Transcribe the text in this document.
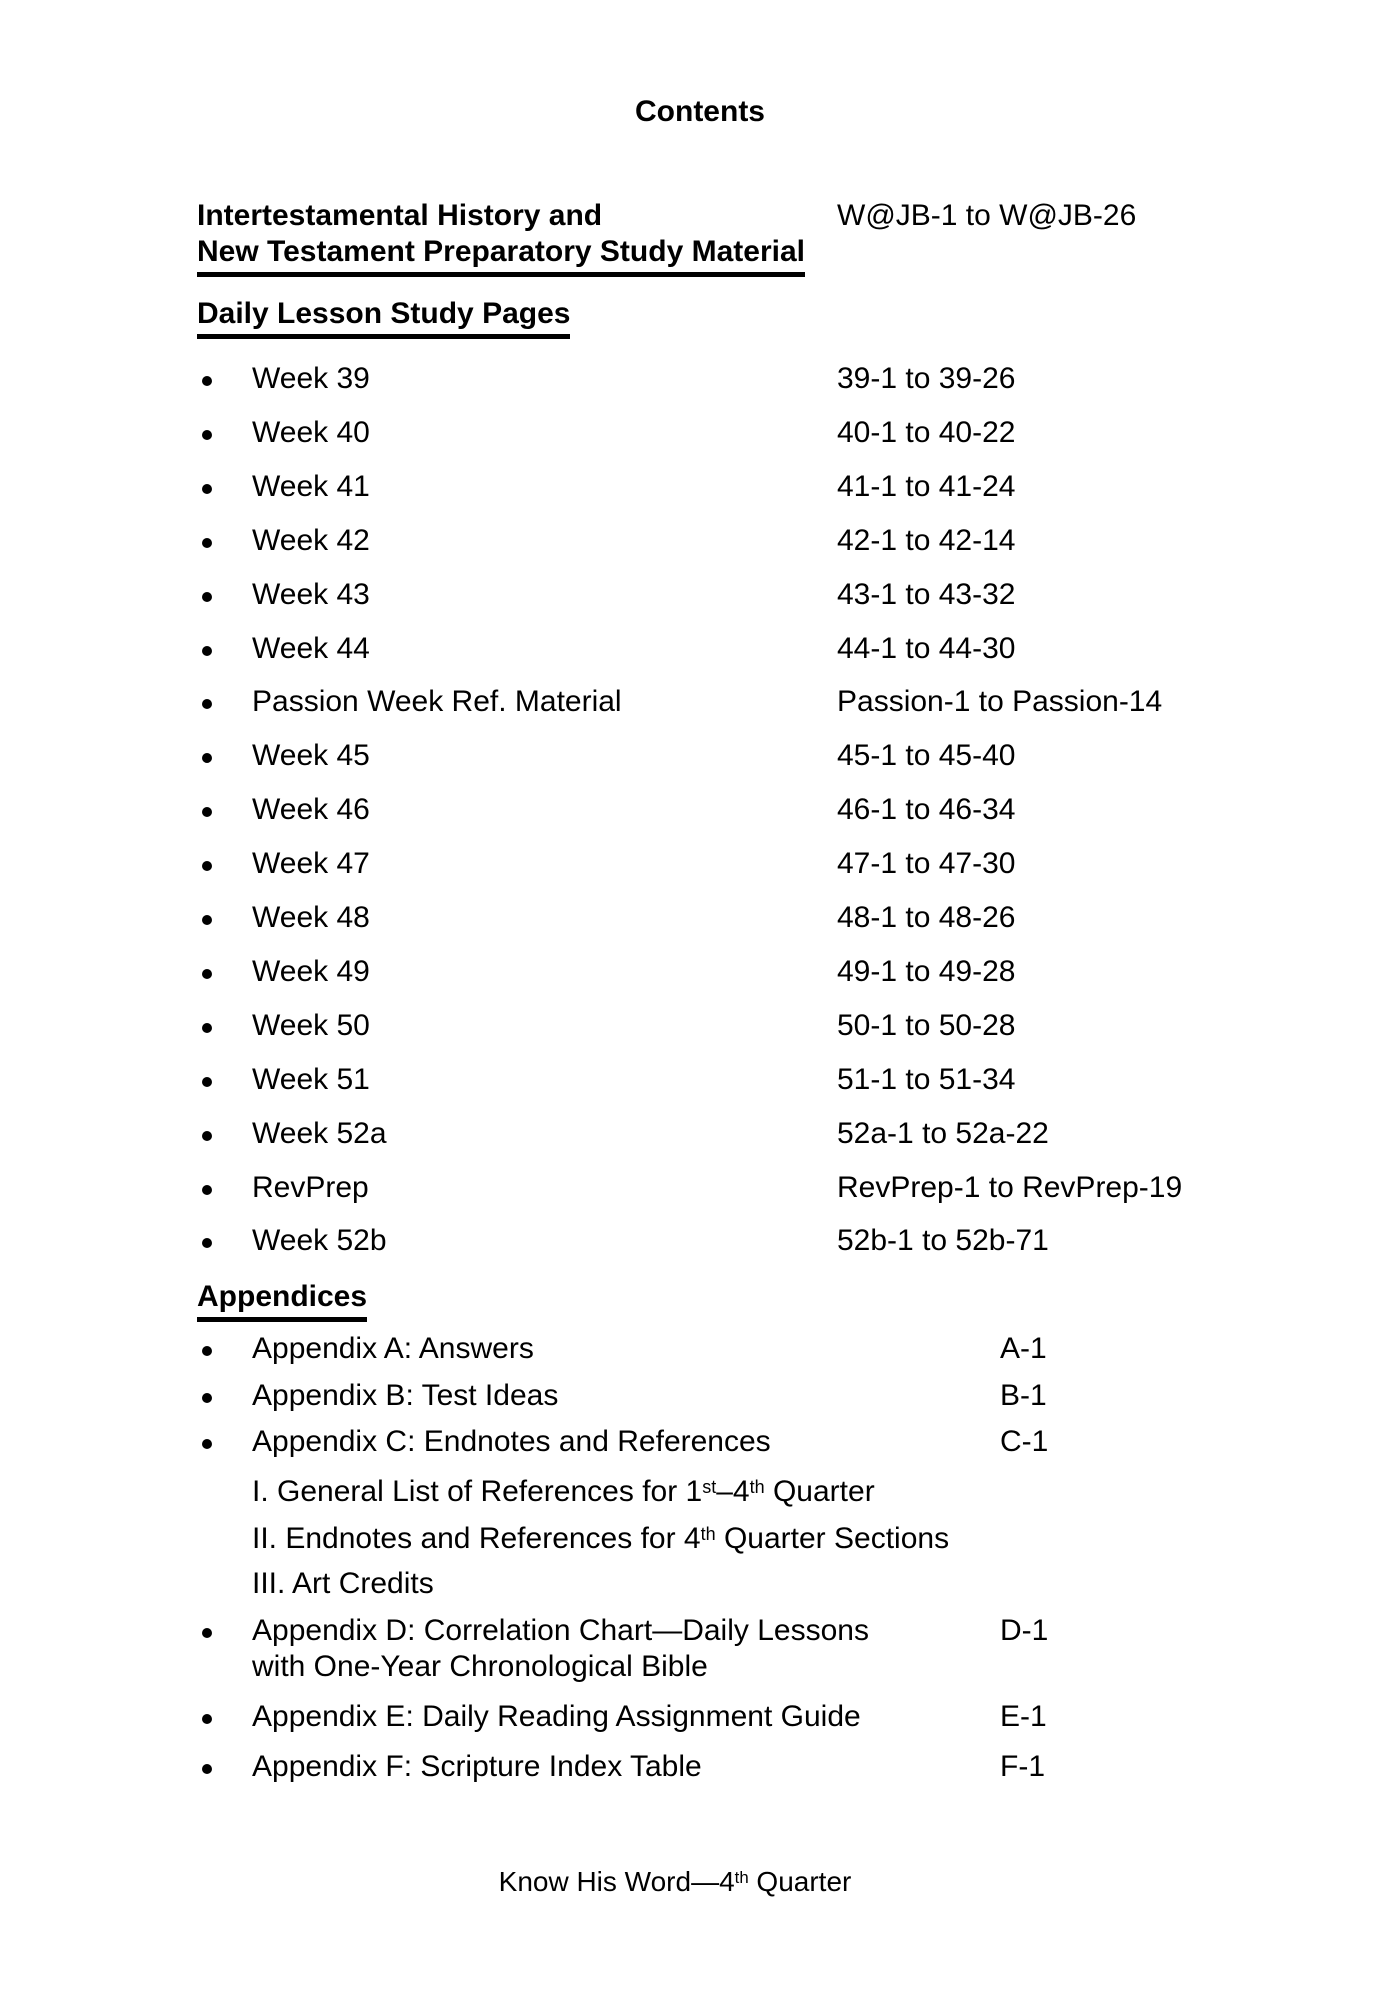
Contents
Intertestamental History and	W@JB-1 to W@JB-26
New Testament Preparatory Study Material
Daily Lesson Study Pages
Week 39	39-1 to 39-26
Week 40	40-1 to 40-22
Week 41	41-1 to 41-24
Week 42	42-1 to 42-14
Week 43	43-1 to 43-32
Week 44	44-1 to 44-30
Passion Week Ref. Material	Passion-1 to Passion-14
Week 45	45-1 to 45-40
Week 46	46-1 to 46-34
Week 47	47-1 to 47-30
Week 48	48-1 to 48-26
Week 49	49-1 to 49-28
Week 50	50-1 to 50-28
Week 51	51-1 to 51-34
Week 52a	52a-1 to 52a-22
RevPrep	RevPrep-1 to RevPrep-19
Week 52b	52b-1 to 52b-71
Appendices
Appendix A: Answers	A-1
Appendix B: Test Ideas	B-1
Appendix C: Endnotes and References	C-1
I. General List of References for 1st–4th Quarter
II. Endnotes and References for 4th Quarter Sections
III. Art Credits
Appendix D: Correlation Chart—Daily Lessons	D-1
with One-Year Chronological Bible
Appendix E: Daily Reading Assignment Guide	E-1
Appendix F: Scripture Index Table	F-1
Know His Word—4th Quarter
